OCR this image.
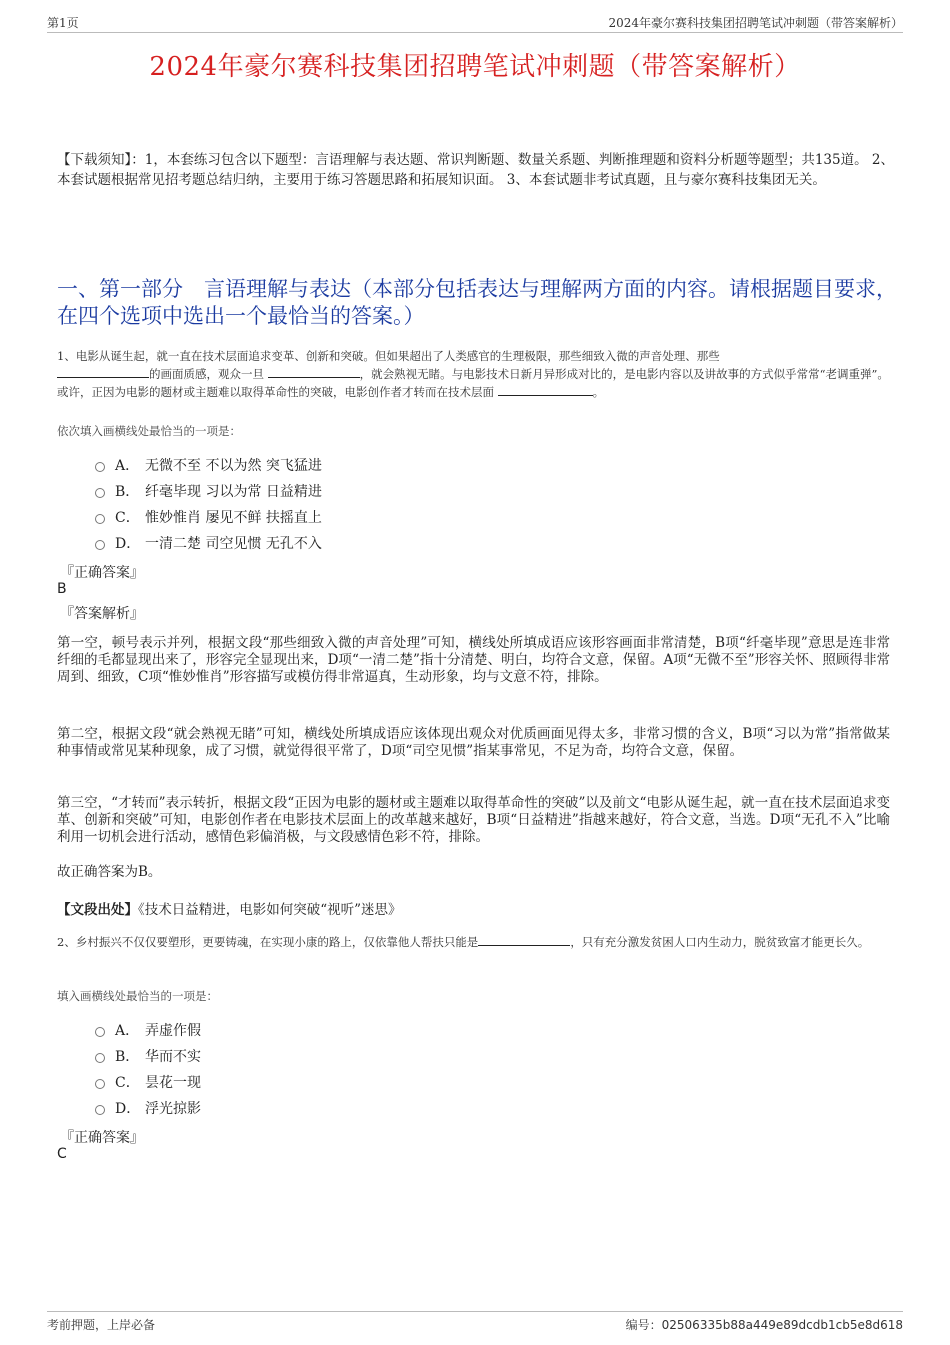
第1页	2024年豪尔赛科技集团招聘笔试冲刺题（带答案解析）
2024年豪尔赛科技集团招聘笔试冲刺题（带答案解析）
【下载须知】：1，本套练习包含以下题型：言语理解与表达题、常识判断题、数量关系题、判断推理题和资料分析题等题型；共135道。 2、本套试题根据常见招考题总结归纳，主要用于练习答题思路和拓展知识面。 3、本套试题非考试真题，且与豪尔赛科技集团无关。
一、第一部分　言语理解与表达（本部分包括表达与理解两方面的内容。请根据题目要求，在四个选项中选出一个最恰当的答案。）
1、电影从诞生起，就一直在技术层面追求变革、创新和突破。但如果超出了人类感官的生理极限，那些细致入微的声音处理、那些
的画面质感，观众一旦	，就会熟视无睹。与电影技术日新月异形成对比的，是电影内容以及讲故事的方式似乎常常“老调重弹”。或许，正因为电影的题材或主题难以取得革命性的突破，电影创作者才转而在技术层面	。
依次填入画横线处最恰当的一项是：
A． 无微不至 不以为然 突飞猛进
B． 纤毫毕现 习以为常 日益精进
C． 惟妙惟肖 屡见不鲜 扶摇直上
D． 一清二楚 司空见惯 无孔不入
『正确答案』
B
『答案解析』
第一空，顿号表示并列，根据文段“那些细致入微的声音处理”可知，横线处所填成语应该形容画面非常清楚，B项“纤毫毕现”意思是连非常纤细的毛都显现出来了，形容完全显现出来，D项“一清二楚”指十分清楚、明白，均符合文意，保留。A项“无微不至”形容关怀、照顾得非常周到、细致，C项“惟妙惟肖”形容描写或模仿得非常逼真，生动形象，均与文意不符，排除。
第二空，根据文段“就会熟视无睹”可知，横线处所填成语应该体现出观众对优质画面见得太多，非常习惯的含义，B项“习以为常”指常做某种事情或常见某种现象，成了习惯，就觉得很平常了，D项“司空见惯”指某事常见，不足为奇，均符合文意，保留。
第三空，“才转而”表示转折，根据文段“正因为电影的题材或主题难以取得革命性的突破”以及前文“电影从诞生起，就一直在技术层面追求变革、创新和突破”可知，电影创作者在电影技术层面上的改革越来越好，B项“日益精进”指越来越好，符合文意，当选。D项“无孔不入”比喻利用一切机会进行活动，感情色彩偏消极，与文段感情色彩不符，排除。
故正确答案为B。
【文段出处】《技术日益精进，电影如何突破“视听”迷思》
2、乡村振兴不仅仅要塑形，更要铸魂，在实现小康的路上，仅依靠他人帮扶只能是	，只有充分激发贫困人口内生动力，脱贫致富才能更长久。
填入画横线处最恰当的一项是：
A． 弄虚作假
B． 华而不实
C． 昙花一现
D． 浮光掠影
『正确答案』
C
考前押题，上岸必备	编号：02506335b88a449e89dcdb1cb5e8d618
